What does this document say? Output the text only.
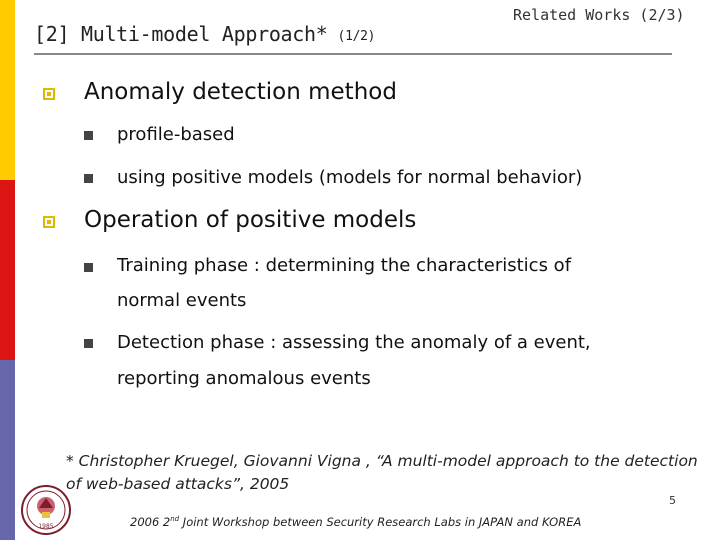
[2] Multi-model Approach* (1/2)
Related Works (2/3)
Anomaly detection method
profile-based
using positive models (models for normal behavior)
Operation of positive models
Training phase : determining the characteristics of
normal events
Detection phase : assessing the anomaly of a event,
reporting anomalous events
* Christopher Kruegel, Giovanni Vigna , “A multi-model approach to the detection
of web-based attacks”, 2005
1985
5
2006 2nd Joint Workshop between Security Research Labs in JAPAN and KOREA
